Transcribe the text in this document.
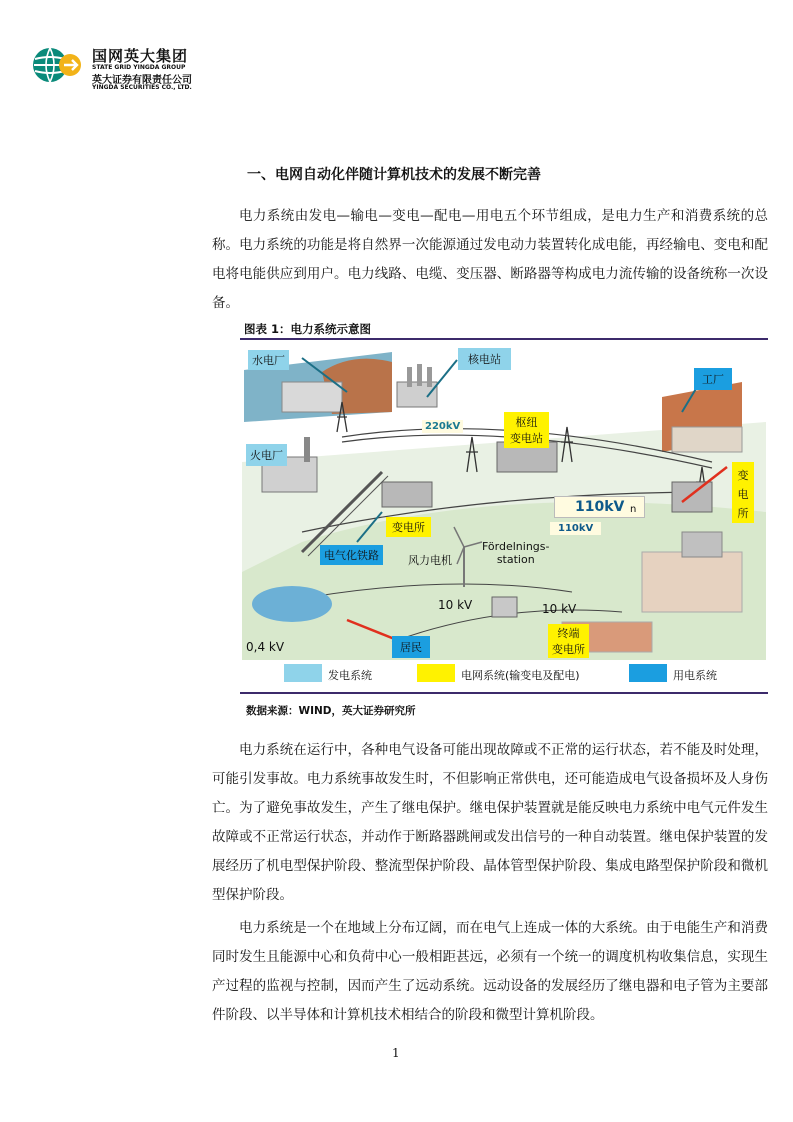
国网英大集团
STATE GRID YINGDA GROUP
英大证券有限责任公司
YINGDA SECURITIES CO., LTD.
一、电网自动化伴随计算机技术的发展不断完善

电力系统由发电—输电—变电—配电—用电五个环节组成，是电力生产和消费系统的总称。电力系统的功能是将自然界一次能源通过发电动力装置转化成电能，再经输电、变电和配电将电能供应到用户。电力线路、电缆、变压器、断路器等构成电力流传输的设备统称一次设备。

图表 1：电力系统示意图
水电厂	核电站
工厂
火电厂
220kV	枢纽
变电站
变电所
110kV
110kV
n
变电所
电气化铁路	风力电机
Fördelnings-
station
10 kV	10 kV
0,4 kV	居民
终端
变电所
发电系统	电网系统(输变电及配电)	用电系统
数据来源：WIND，英大证券研究所

电力系统在运行中，各种电气设备可能出现故障或不正常的运行状态，若不能及时处理，可能引发事故。电力系统事故发生时，不但影响正常供电，还可能造成电气设备损坏及人身伤亡。为了避免事故发生，产生了继电保护。继电保护装置就是能反映电力系统中电气元件发生故障或不正常运行状态，并动作于断路器跳闸或发出信号的一种自动装置。继电保护装置的发展经历了机电型保护阶段、整流型保护阶段、晶体管型保护阶段、集成电路型保护阶段和微机型保护阶段。

电力系统是一个在地域上分布辽阔，而在电气上连成一体的大系统。由于电能生产和消费同时发生且能源中心和负荷中心一般相距甚远，必须有一个统一的调度机构收集信息，实现生产过程的监视与控制，因而产生了远动系统。远动设备的发展经历了继电器和电子管为主要部件阶段、以半导体和计算机技术相结合的阶段和微型计算机阶段。

1
